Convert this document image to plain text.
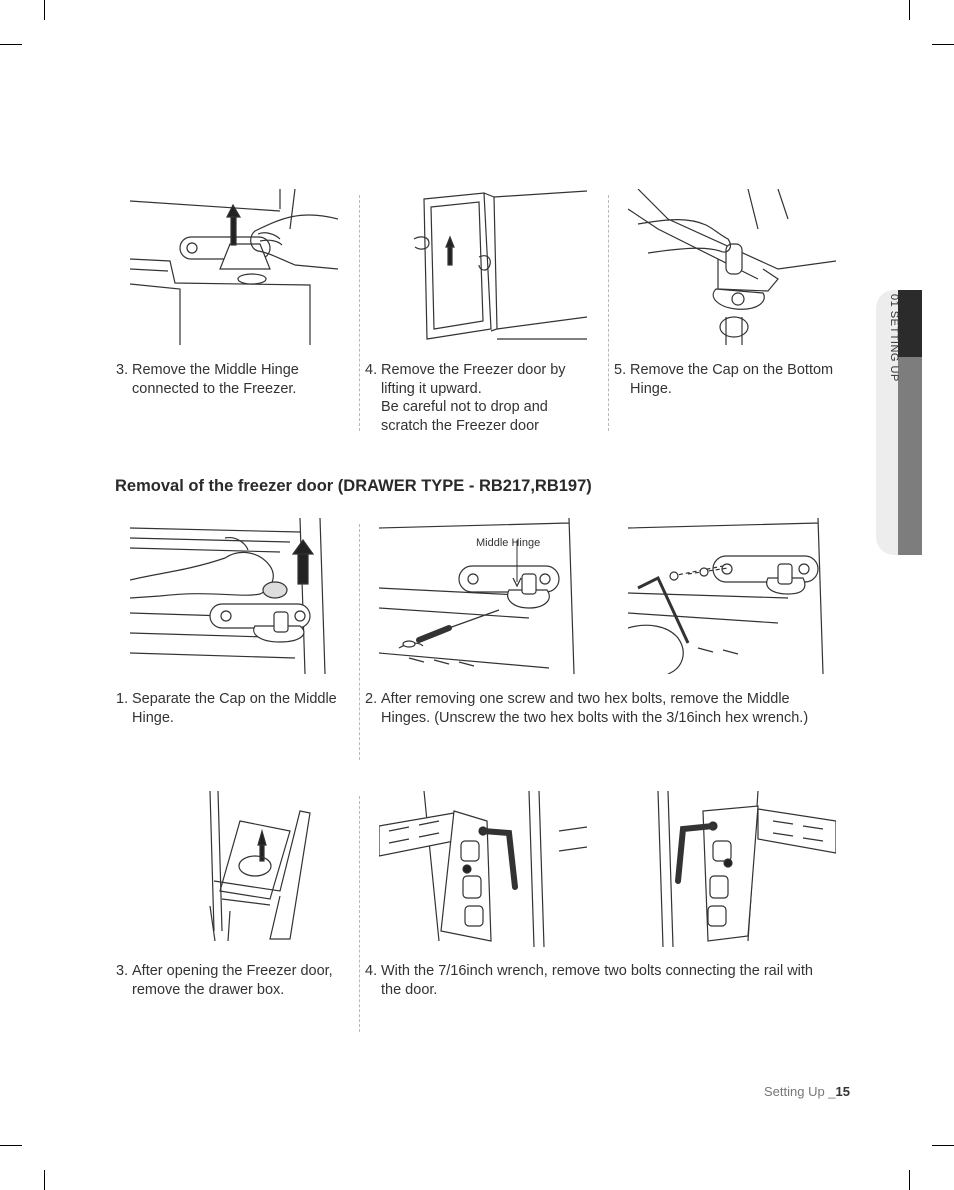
01 SETTING UP
3. Remove the Middle Hinge
connected to the Freezer.
4. Remove the Freezer door by
lifting it upward.
Be careful not to drop and
scratch the Freezer door
5. Remove the Cap on the Bottom
Hinge.
Removal of the freezer door (DRAWER TYPE - RB217,RB197)
Middle Hinge
1. Separate the Cap on the Middle
Hinge.
2. After removing one screw and two hex bolts, remove the Middle
Hinges. (Unscrew the two hex bolts with the 3/16inch hex wrench.)
3. After opening the Freezer door,
remove the drawer box.
4. With the 7/16inch wrench, remove two bolts connecting the rail with
the door.
Setting Up _15
